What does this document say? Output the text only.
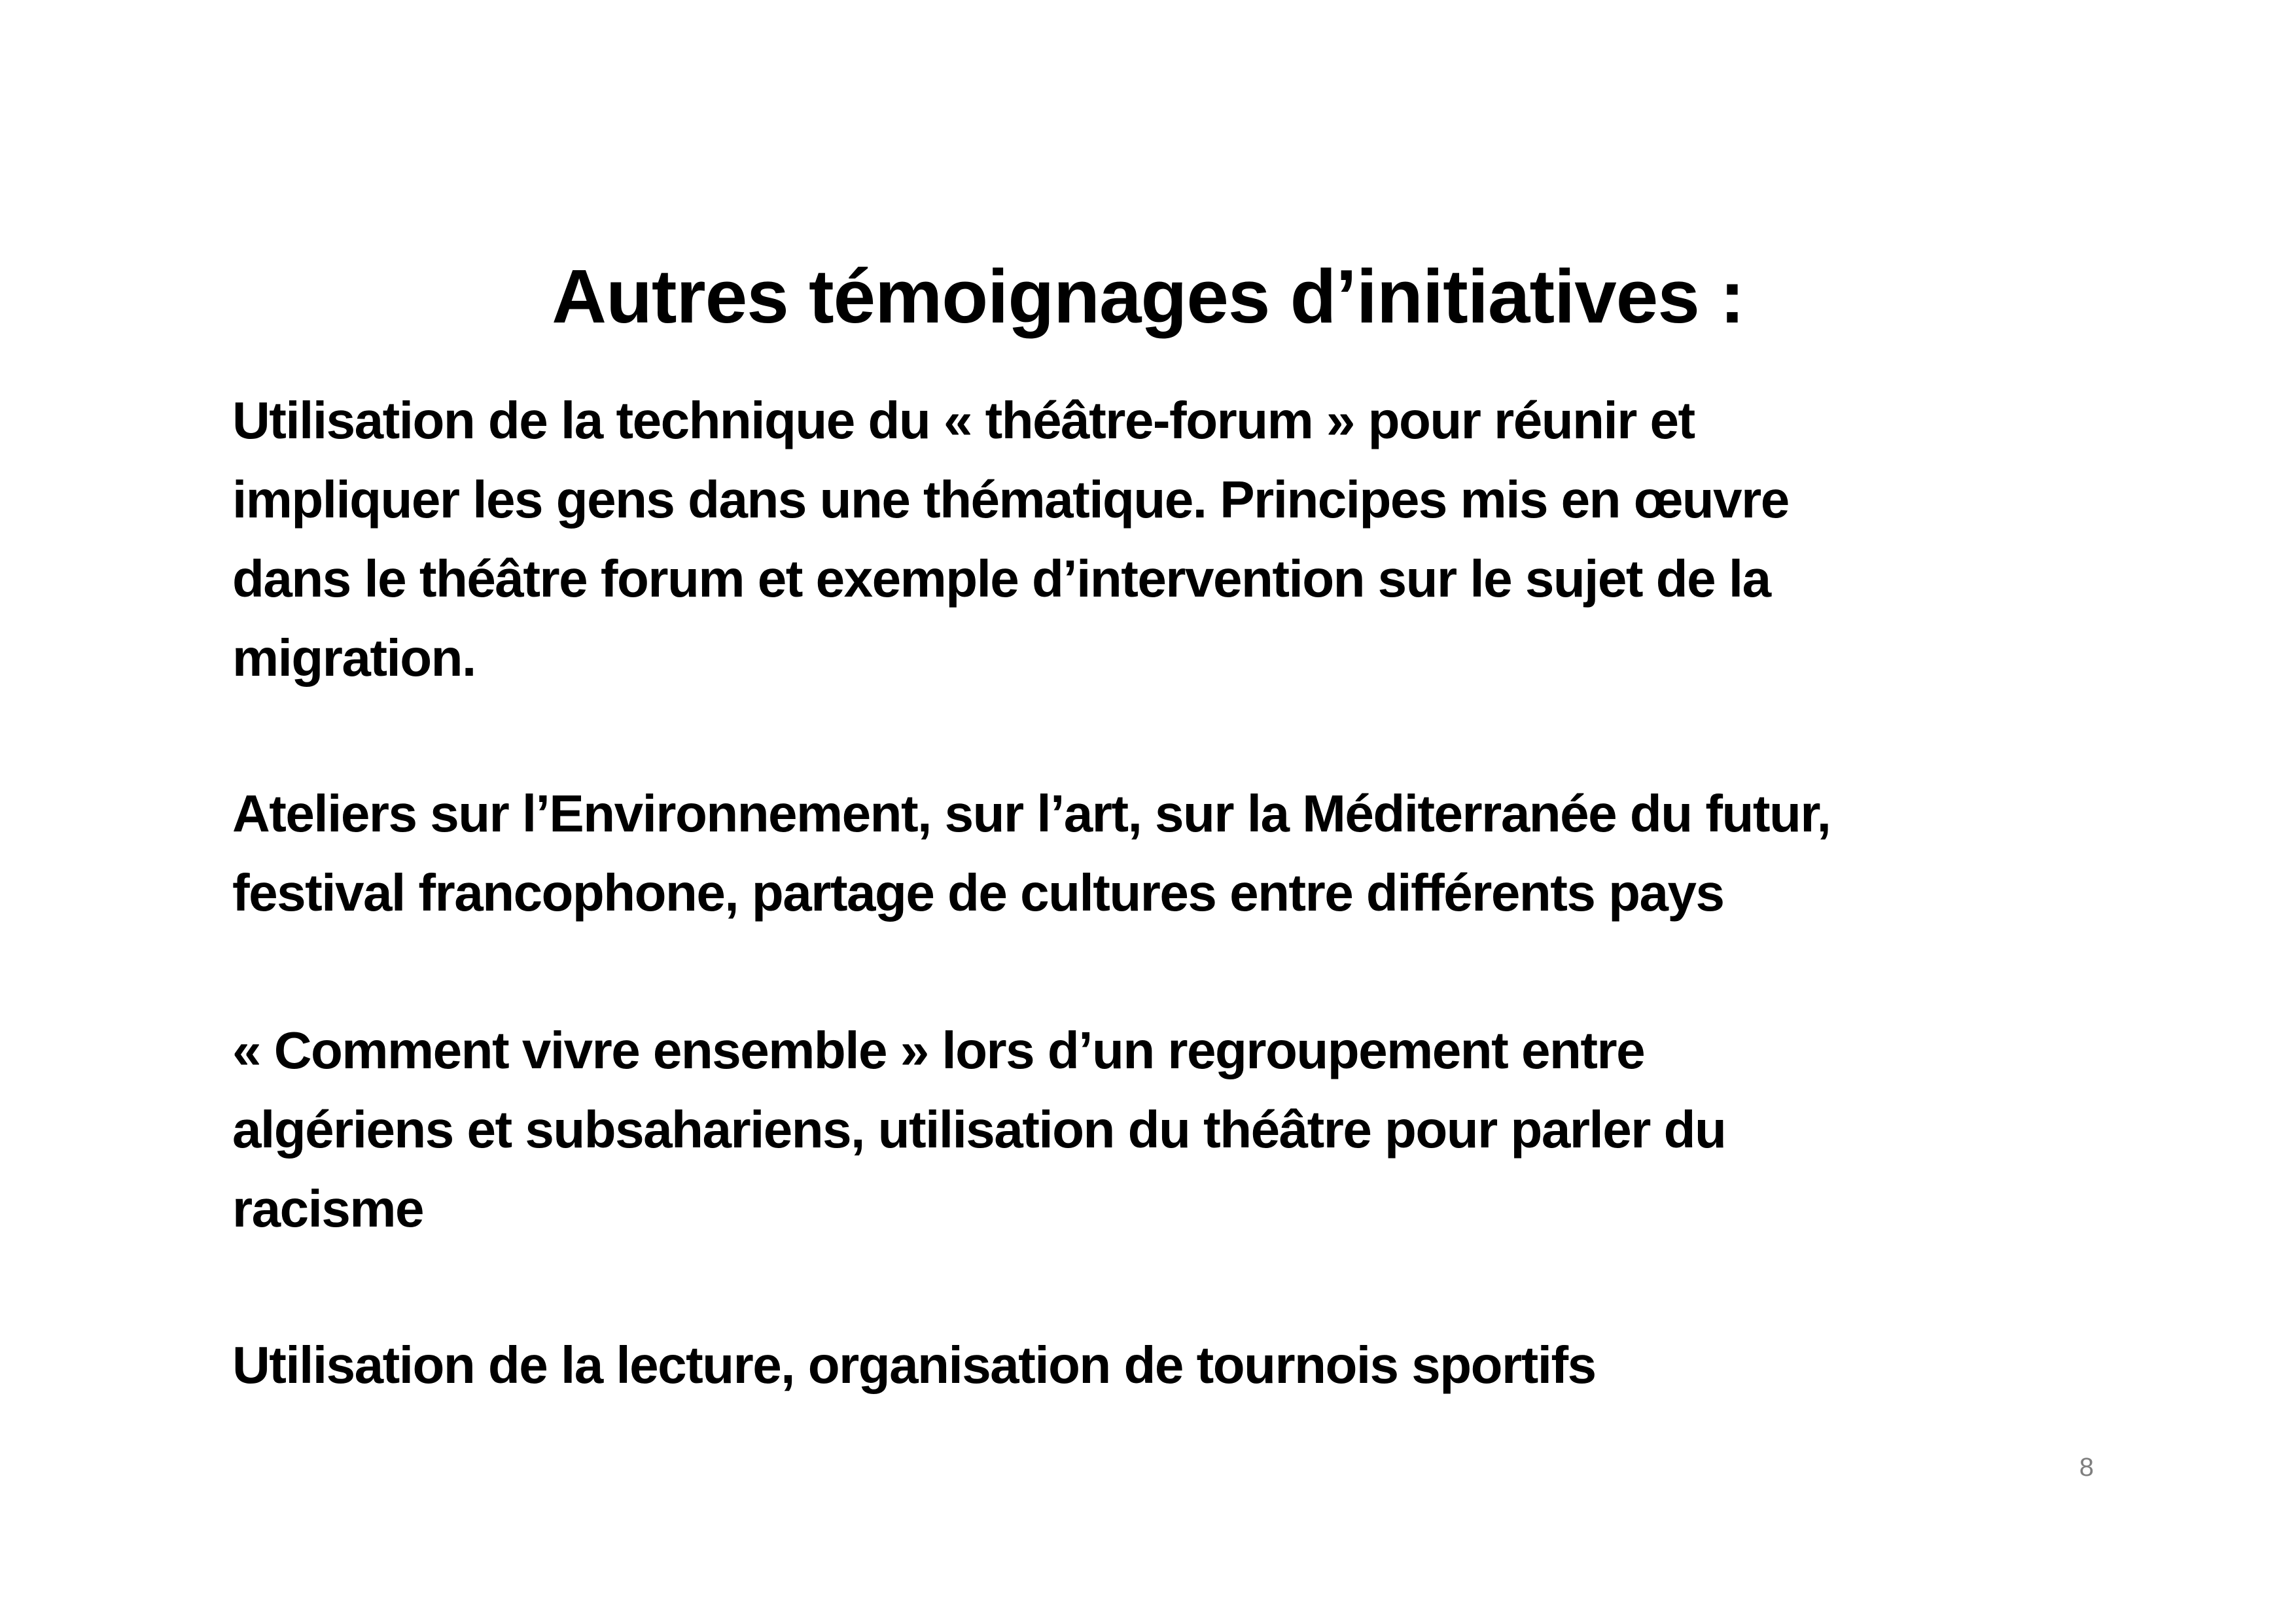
Autres témoignages d’initiatives :

Utilisation de la technique du « théâtre-forum » pour réunir et
impliquer les gens dans une thématique. Principes mis en œuvre
dans le théâtre forum et exemple d’intervention sur le sujet de la
migration.

Ateliers sur l’Environnement, sur l’art, sur la Méditerranée du futur,
festival francophone, partage de cultures entre différents pays

« Comment vivre ensemble » lors d’un regroupement entre
algériens et subsahariens, utilisation du théâtre pour parler du
racisme

Utilisation de la lecture, organisation de tournois sportifs

8
